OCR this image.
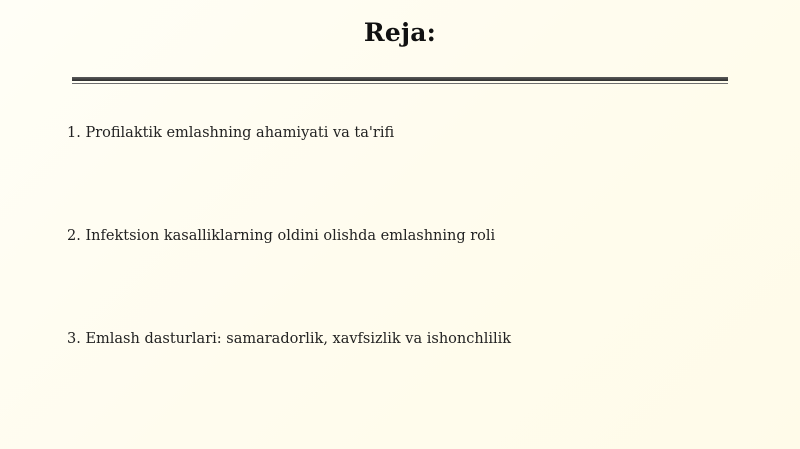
Reja:
1. Profilaktik emlashning ahamiyati va ta'rifi
2. Infektsion kasalliklarning oldini olishda emlashning roli
3. Emlash dasturlari: samaradorlik, xavfsizlik va ishonchlilik
